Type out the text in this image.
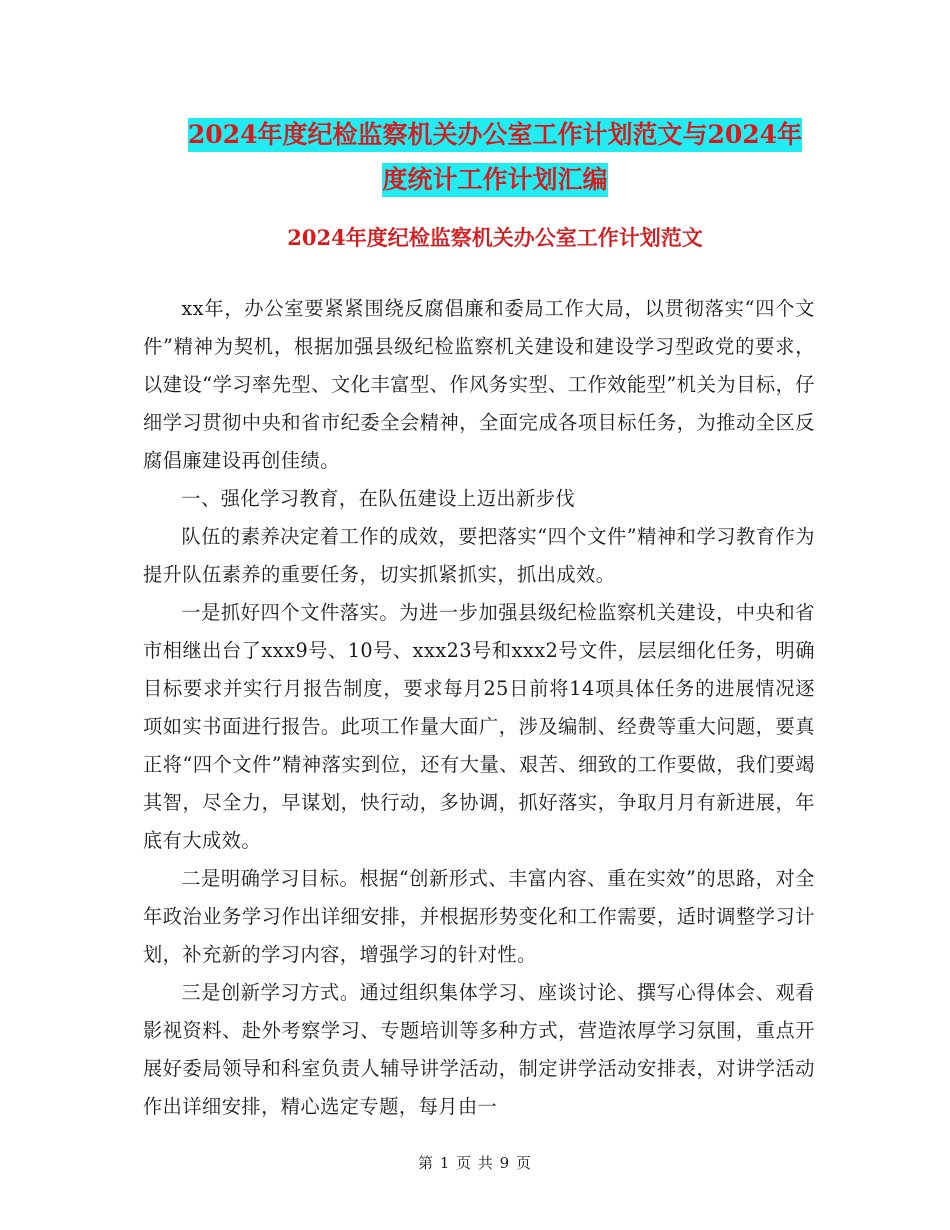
2024年度纪检监察机关办公室工作计划范文与2024年
度统计工作计划汇编
2024年度纪检监察机关办公室工作计划范文

xx年，办公室要紧紧围绕反腐倡廉和委局工作大局，以贯彻落实“四个文件”精神为契机，根据加强县级纪检监察机关建设和建设学习型政党的要求，以建设“学习率先型、文化丰富型、作风务实型、工作效能型”机关为目标，仔细学习贯彻中央和省市纪委全会精神，全面完成各项目标任务，为推动全区反腐倡廉建设再创佳绩。

一、强化学习教育，在队伍建设上迈出新步伐

队伍的素养决定着工作的成效，要把落实“四个文件”精神和学习教育作为提升队伍素养的重要任务，切实抓紧抓实，抓出成效。

一是抓好四个文件落实。为进一步加强县级纪检监察机关建设，中央和省市相继出台了xxx9号、10号、xxx23号和xxx2号文件，层层细化任务，明确目标要求并实行月报告制度，要求每月25日前将14项具体任务的进展情况逐项如实书面进行报告。此项工作量大面广，涉及编制、经费等重大问题，要真正将“四个文件”精神落实到位，还有大量、艰苦、细致的工作要做，我们要竭其智，尽全力，早谋划，快行动，多协调，抓好落实，争取月月有新进展，年底有大成效。

二是明确学习目标。根据“创新形式、丰富内容、重在实效”的思路，对全年政治业务学习作出详细安排，并根据形势变化和工作需要，适时调整学习计划，补充新的学习内容，增强学习的针对性。

三是创新学习方式。通过组织集体学习、座谈讨论、撰写心得体会、观看影视资料、赴外考察学习、专题培训等多种方式，营造浓厚学习氛围，重点开展好委局领导和科室负责人辅导讲学活动，制定讲学活动安排表，对讲学活动作出详细安排，精心选定专题，每月由一

第 1 页 共 9 页
